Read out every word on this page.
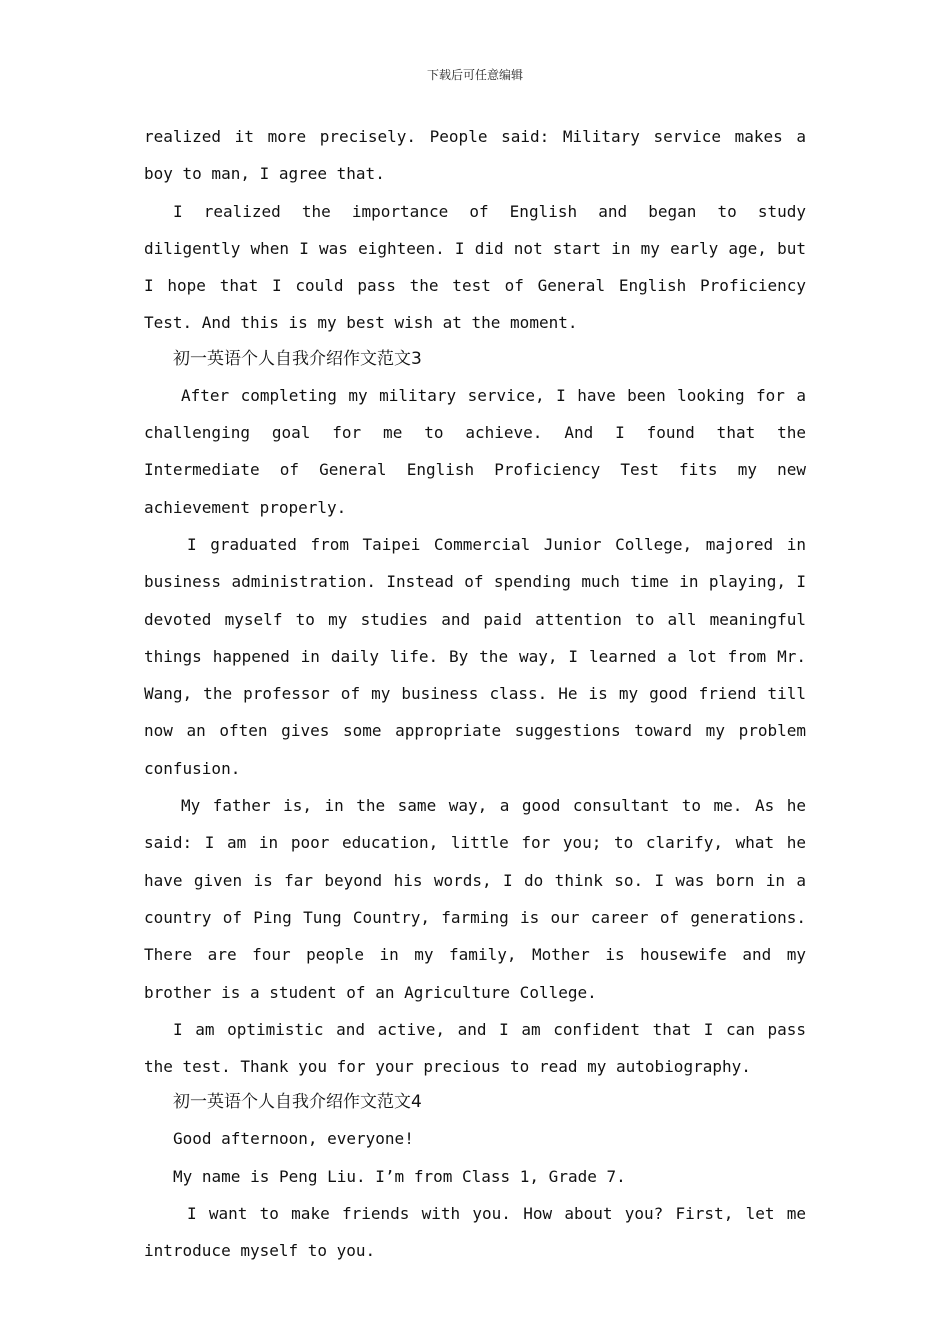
下载后可任意编辑

realized it more precisely. People said: Military service makes a boy to man, I agree that.

I realized the importance of English and began to study diligently when I was eighteen. I did not start in my early age, but I hope that I could pass the test of General English Proficiency Test. And this is my best wish at the moment.

初一英语个人自我介绍作文范文3

After completing my military service, I have been looking for a challenging goal for me to achieve. And I found that the Intermediate of General English Proficiency Test fits my new achievement properly.

I graduated from Taipei Commercial Junior College, majored in business administration. Instead of spending much time in playing, I devoted myself to my studies and paid attention to all meaningful things happened in daily life. By the way, I learned a lot from Mr. Wang, the professor of my business class. He is my good friend till now an often gives some appropriate suggestions toward my problem confusion.

My father is, in the same way, a good consultant to me. As he said: I am in poor education, little for you; to clarify, what he have given is far beyond his words, I do think so. I was born in a country of Ping Tung Country, farming is our career of generations. There are four people in my family, Mother is housewife and my brother is a student of an Agriculture College.

I am optimistic and active, and I am confident that I can pass the test. Thank you for your precious to read my autobiography.

初一英语个人自我介绍作文范文4

Good afternoon, everyone!

My name is Peng Liu. I’m from Class 1, Grade 7.

I want to make friends with you. How about you? First, let me introduce myself to you.
